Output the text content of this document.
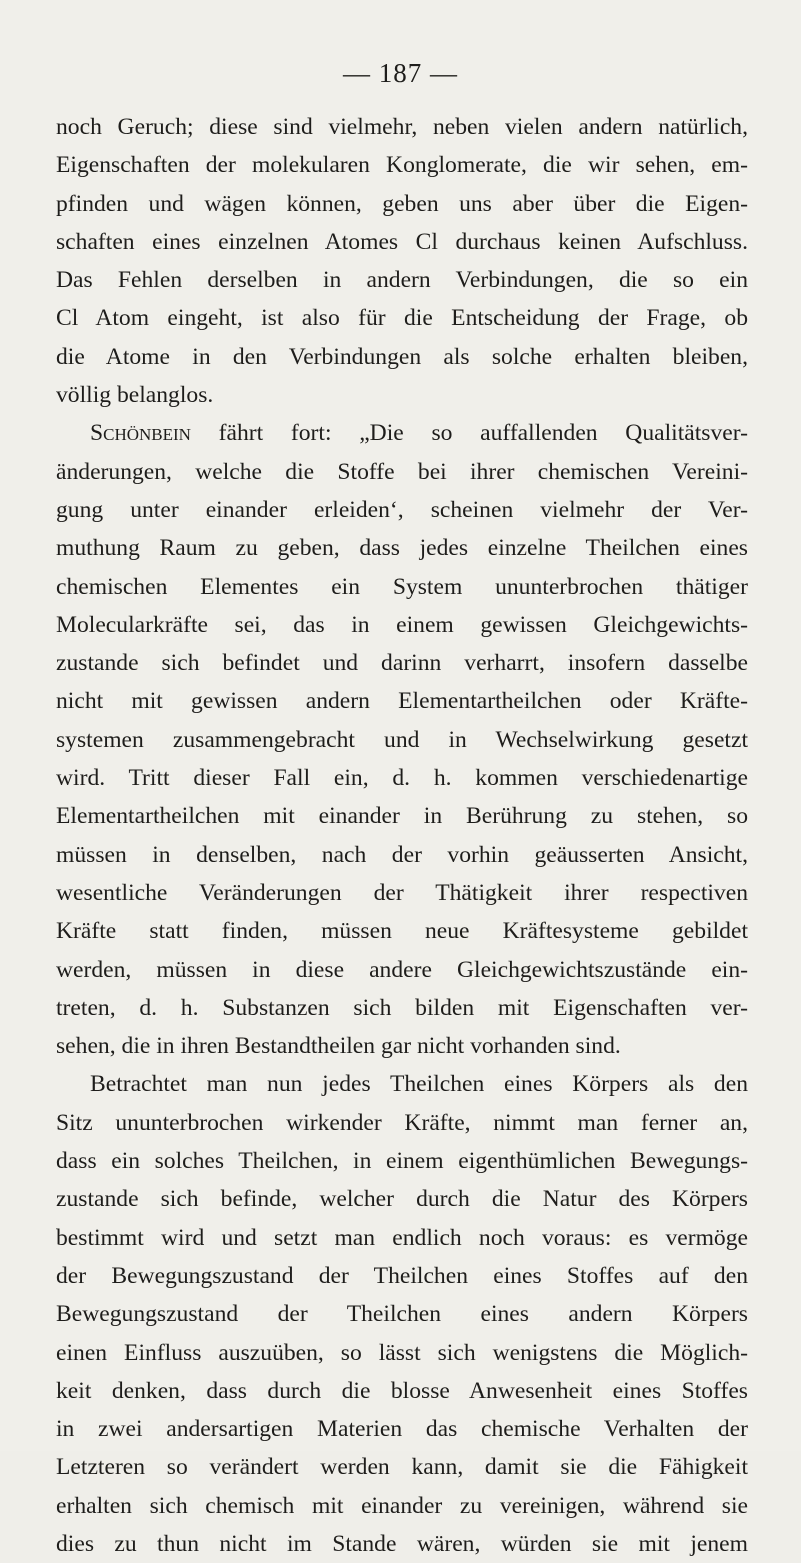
— 187 —
noch Geruch; diese sind vielmehr, neben vielen andern natürlich,
Eigenschaften der molekularen Konglomerate, die wir sehen, em-
pfinden und wägen können, geben uns aber über die Eigen-
schaften eines einzelnen Atomes Cl durchaus keinen Aufschluss.
Das Fehlen derselben in andern Verbindungen, die so ein
Cl Atom eingeht, ist also für die Entscheidung der Frage, ob
die Atome in den Verbindungen als solche erhalten bleiben,
völlig belanglos.
Schönbein fährt fort: „Die so auffallenden Qualitätsver-
änderungen, welche die Stoffe bei ihrer chemischen Vereini-
gung unter einander erleiden‘, scheinen vielmehr der Ver-
muthung Raum zu geben, dass jedes einzelne Theilchen eines
chemischen Elementes ein System ununterbrochen thätiger
Molecularkräfte sei, das in einem gewissen Gleichgewichts-
zustande sich befindet und darinn verharrt, insofern dasselbe
nicht mit gewissen andern Elementartheilchen oder Kräfte-
systemen zusammengebracht und in Wechselwirkung gesetzt
wird. Tritt dieser Fall ein, d. h. kommen verschiedenartige
Elementartheilchen mit einander in Berührung zu stehen, so
müssen in denselben, nach der vorhin geäusserten Ansicht,
wesentliche Veränderungen der Thätigkeit ihrer respectiven
Kräfte statt finden, müssen neue Kräftesysteme gebildet
werden, müssen in diese andere Gleichgewichtszustände ein-
treten, d. h. Substanzen sich bilden mit Eigenschaften ver-
sehen, die in ihren Bestandtheilen gar nicht vorhanden sind.
Betrachtet man nun jedes Theilchen eines Körpers als den
Sitz ununterbrochen wirkender Kräfte, nimmt man ferner an,
dass ein solches Theilchen, in einem eigenthümlichen Bewegungs-
zustande sich befinde, welcher durch die Natur des Körpers
bestimmt wird und setzt man endlich noch voraus: es vermöge
der Bewegungszustand der Theilchen eines Stoffes auf den
Bewegungszustand der Theilchen eines andern Körpers
einen Einfluss auszuüben, so lässt sich wenigstens die Möglich-
keit denken, dass durch die blosse Anwesenheit eines Stoffes
in zwei andersartigen Materien das chemische Verhalten der
Letzteren so verändert werden kann, damit sie die Fähigkeit
erhalten sich chemisch mit einander zu vereinigen, während sie
dies zu thun nicht im Stande wären, würden sie mit jenem
